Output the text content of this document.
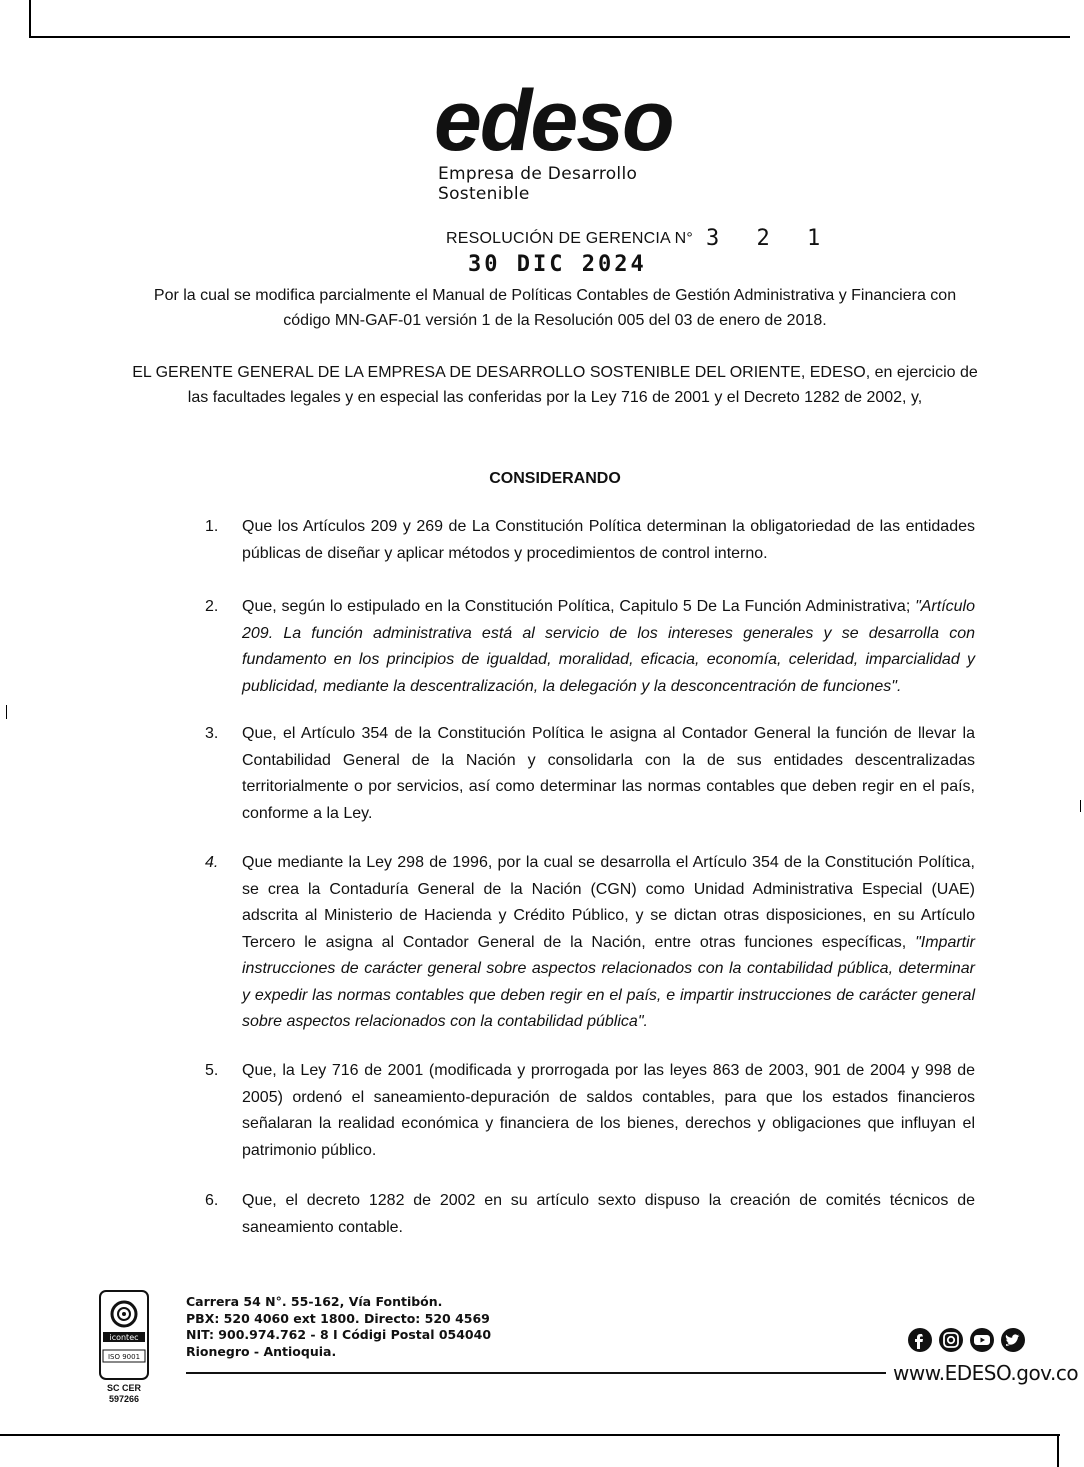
edeso
Empresa de Desarrollo Sostenible
RESOLUCIÓN DE GERENCIA N° 3 2 1
30 DIC 2024
Por la cual se modifica parcialmente el Manual de Políticas Contables de Gestión Administrativa y Financiera con código MN-GAF-01 versión 1 de la Resolución 005 del 03 de enero de 2018.
EL GERENTE GENERAL DE LA EMPRESA DE DESARROLLO SOSTENIBLE DEL ORIENTE, EDESO, en ejercicio de las facultades legales y en especial las conferidas por la Ley 716 de 2001 y el Decreto 1282 de 2002, y,
CONSIDERANDO
1.	Que los Artículos 209 y 269 de La Constitución Política determinan la obligatoriedad de las entidades públicas de diseñar y aplicar métodos y procedimientos de control interno.
2.	Que, según lo estipulado en la Constitución Política, Capitulo 5 De La Función Administrativa; "Artículo 209. La función administrativa está al servicio de los intereses generales y se desarrolla con fundamento en los principios de igualdad, moralidad, eficacia, economía, celeridad, imparcialidad y publicidad, mediante la descentralización, la delegación y la desconcentración de funciones".
3.	Que, el Artículo 354 de la Constitución Política le asigna al Contador General la función de llevar la Contabilidad General de la Nación y consolidarla con la de sus entidades descentralizadas territorialmente o por servicios, así como determinar las normas contables que deben regir en el país, conforme a la Ley.
4.	Que mediante la Ley 298 de 1996, por la cual se desarrolla el Artículo 354 de la Constitución Política, se crea la Contaduría General de la Nación (CGN) como Unidad Administrativa Especial (UAE) adscrita al Ministerio de Hacienda y Crédito Público, y se dictan otras disposiciones, en su Artículo Tercero le asigna al Contador General de la Nación, entre otras funciones específicas, "Impartir instrucciones de carácter general sobre aspectos relacionados con la contabilidad pública, determinar y expedir las normas contables que deben regir en el país, e impartir instrucciones de carácter general sobre aspectos relacionados con la contabilidad pública".
5.	Que, la Ley 716 de 2001 (modificada y prorrogada por las leyes 863 de 2003, 901 de 2004 y 998 de 2005) ordenó el saneamiento-depuración de saldos contables, para que los estados financieros señalaran la realidad económica y financiera de los bienes, derechos y obligaciones que influyan el patrimonio público.
6.	Que, el decreto 1282 de 2002 en su artículo sexto dispuso la creación de comités técnicos de saneamiento contable.
icontec
ISO 9001
SC CER
597266
Carrera 54 N°. 55-162, Vía Fontibón.
PBX: 520 4060 ext 1800. Directo: 520 4569
NIT: 900.974.762 - 8 I Códigi Postal 054040
Rionegro - Antioquia.
www.EDESO.gov.co
